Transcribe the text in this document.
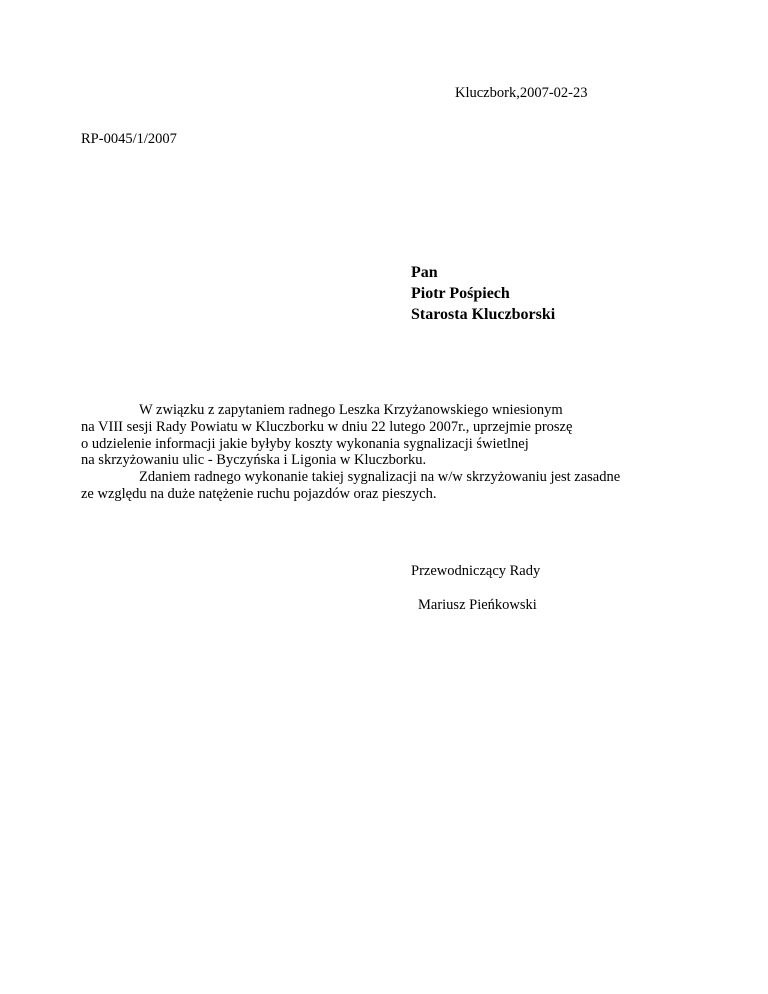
Kluczbork,2007-02-23
RP-0045/1/2007
Pan
Piotr Pośpiech
Starosta Kluczborski
W związku z zapytaniem radnego Leszka Krzyżanowskiego wniesionym
na VIII sesji Rady Powiatu w Kluczborku w dniu 22 lutego 2007r., uprzejmie proszę
o udzielenie informacji jakie byłyby koszty wykonania sygnalizacji świetlnej
na skrzyżowaniu ulic - Byczyńska i Ligonia w Kluczborku.
Zdaniem radnego wykonanie takiej sygnalizacji na w/w skrzyżowaniu jest zasadne
ze względu na duże natężenie ruchu pojazdów oraz pieszych.
Przewodniczący Rady
Mariusz Pieńkowski
